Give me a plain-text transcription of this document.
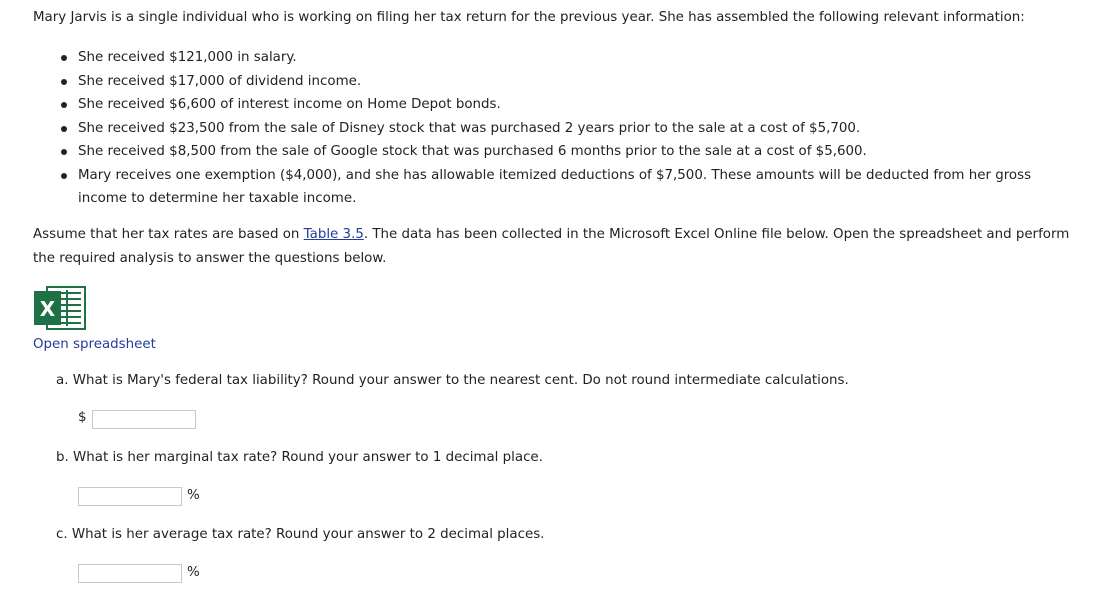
Mary Jarvis is a single individual who is working on filing her tax return for the previous year. She has assembled the following relevant information:
She received $121,000 in salary.
She received $17,000 of dividend income.
She received $6,600 of interest income on Home Depot bonds.
She received $23,500 from the sale of Disney stock that was purchased 2 years prior to the sale at a cost of $5,700.
She received $8,500 from the sale of Google stock that was purchased 6 months prior to the sale at a cost of $5,600.
Mary receives one exemption ($4,000), and she has allowable itemized deductions of $7,500. These amounts will be deducted from her gross
income to determine her taxable income.
Assume that her tax rates are based on Table 3.5. The data has been collected in the Microsoft Excel Online file below. Open the spreadsheet and perform
the required analysis to answer the questions below.
X
Open spreadsheet
a. What is Mary's federal tax liability? Round your answer to the nearest cent. Do not round intermediate calculations.
$
b. What is her marginal tax rate? Round your answer to 1 decimal place.
%
c. What is her average tax rate? Round your answer to 2 decimal places.
%
